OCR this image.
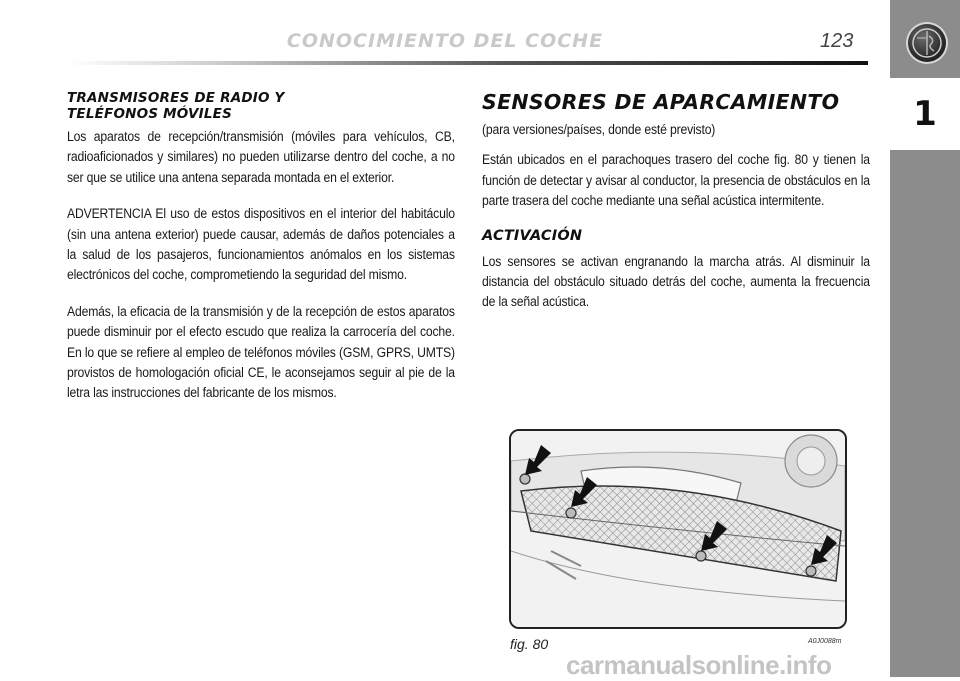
CONOCIMIENTO DEL COCHE	123
1
TRANSMISORES DE RADIO Y
TELÉFONOS MÓVILES

Los aparatos de recepción/transmisión (móviles para vehículos, CB, radioaficionados y similares) no pueden utilizarse dentro del coche, a no ser que se utilice una antena separada montada en el exterior.

ADVERTENCIA El uso de estos dispositivos en el interior del habitáculo (sin una antena exterior) puede causar, además de daños potenciales a la salud de los pasajeros, funcionamientos anómalos en los sistemas electrónicos del coche, comprometiendo la seguridad del mismo.

Además, la eficacia de la transmisión y de la recepción de estos aparatos puede disminuir por el efecto escudo que realiza la carrocería del coche. En lo que se refiere al empleo de teléfonos móviles (GSM, GPRS, UMTS) provistos de homologación oficial CE, le aconsejamos seguir al pie de la letra las instrucciones del fabricante de los mismos.

SENSORES DE APARCAMIENTO

(para versiones/países, donde esté previsto)

Están ubicados en el parachoques trasero del coche fig. 80 y tienen la función de detectar y avisar al conductor, la presencia de obstáculos en la parte trasera del coche mediante una señal acústica intermitente.

ACTIVACIÓN

Los sensores se activan engranando la marcha atrás. Al disminuir la distancia del obstáculo situado detrás del coche, aumenta la frecuencia de la señal acústica.

fig. 80	A0J0088m
carmanualsonline.info
